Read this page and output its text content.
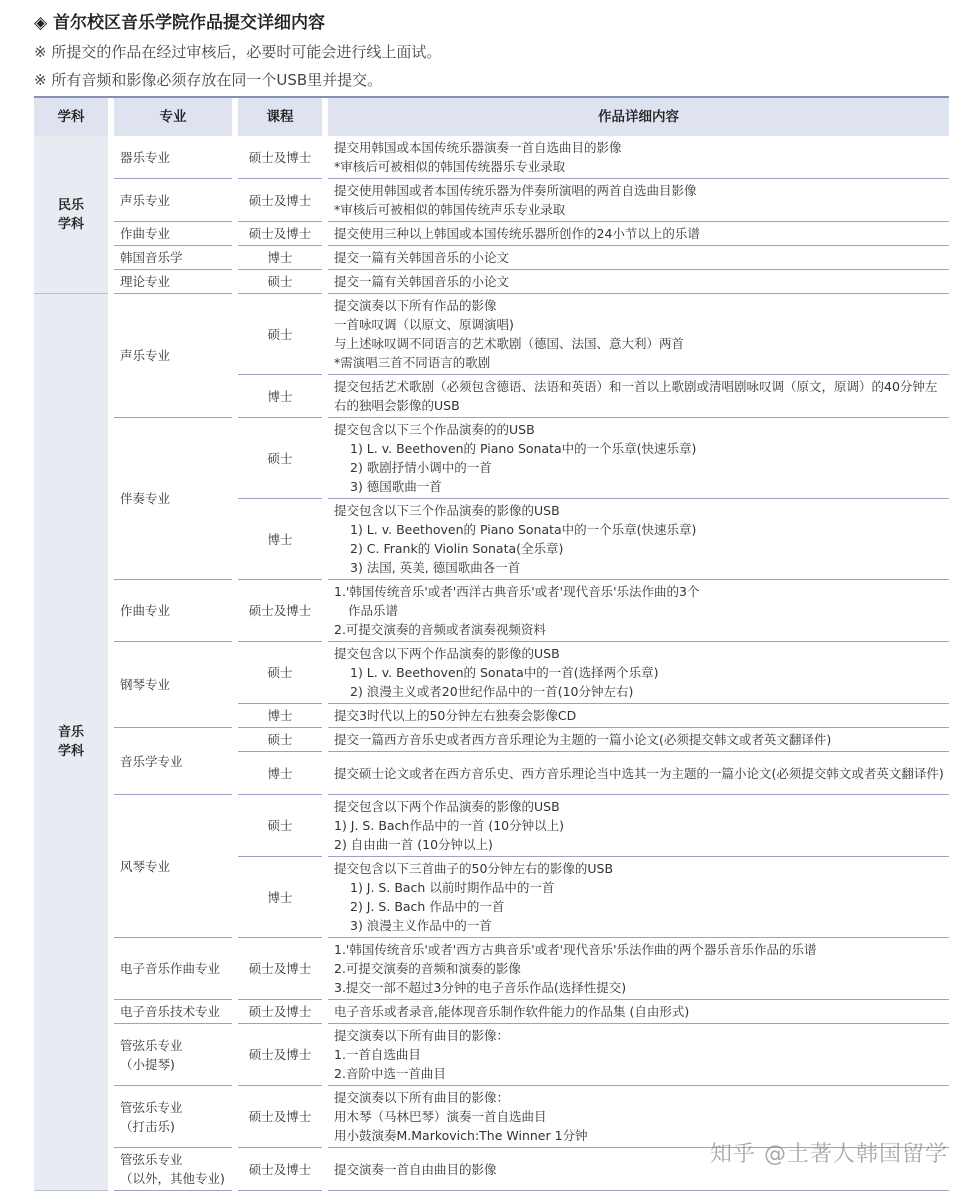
◈ 首尔校区音乐学院作品提交详细内容
※ 所提交的作品在经过审核后，必要时可能会进行线上面试。
※ 所有音频和影像必须存放在同一个USB里并提交。
学科		专业		课程		作品详细内容
民乐
学科		器乐专业		硕士及博士		提交用韩国或本国传统乐器演奏一首自选曲目的影像
*审核后可被相似的韩国传统器乐专业录取

		声乐专业		硕士及博士		提交使用韩国或者本国传统乐器为伴奏所演唱的两首自选曲目影像
*审核后可被相似的韩国传统声乐专业录取

		作曲专业		硕士及博士		提交使用三种以上韩国或本国传统乐器所创作的24小节以上的乐谱

		韩国音乐学		博士		提交一篇有关韩国音乐的小论文

		理论专业		硕士		提交一篇有关韩国音乐的小论文

音乐
学科		声乐专业		硕士		提交演奏以下所有作品的影像
一首咏叹调（以原文、原调演唱)
与上述咏叹调不同语言的艺术歌剧（德国、法国、意大利）两首
*需演唱三首不同语言的歌剧

				博士		提交包括艺术歌剧（必须包含德语、法语和英语）和一首以上歌剧或清唱剧咏叹调（原文，原调）的40分钟左右的独唱会影像的USB
		伴奏专业		硕士		提交包含以下三个作品演奏的的USB
1) L. v. Beethoven的 Piano Sonata中的一个乐章(快速乐章)
2) 歌剧抒情小调中的一首
3) 德国歌曲一首

				博士		提交包含以下三个作品演奏的影像的USB
1) L. v. Beethoven的 Piano Sonata中的一个乐章(快速乐章)
2) C. Frank的 Violin Sonata(全乐章)
3) 法国, 英美, 德国歌曲各一首

		作曲专业		硕士及博士		1.'韩国传统音乐'或者'西洋古典音乐'或者'现代音乐'乐法作曲的3个
作品乐谱
2.可提交演奏的音频或者演奏视频资料

		钢琴专业		硕士		提交包含以下两个作品演奏的影像的USB
1) L. v. Beethoven的 Sonata中的一首(选择两个乐章)
2) 浪漫主义或者20世纪作品中的一首(10分钟左右)

				博士		提交3时代以上的50分钟左右独奏会影像CD

		音乐学专业		硕士		提交一篇西方音乐史或者西方音乐理论为主题的一篇小论文(必须提交韩文或者英文翻译件)

				博士		提交硕士论文或者在西方音乐史、西方音乐理论当中选其一为主题的一篇小论文(必须提交韩文或者英文翻译件)
		风琴专业		硕士		提交包含以下两个作品演奏的影像的USB
1) J. S. Bach作品中的一首 (10分钟以上)
2) 自由曲一首 (10分钟以上)

				博士		提交包含以下三首曲子的50分钟左右的影像的USB
1) J. S. Bach 以前时期作品中的一首
2) J. S. Bach 作品中的一首
3) 浪漫主义作品中的一首

		电子音乐作曲专业		硕士及博士		1.'韩国传统音乐'或者'西方古典音乐'或者'现代音乐'乐法作曲的两个器乐音乐作品的乐谱
2.可提交演奏的音频和演奏的影像
3.提交一部不超过3分钟的电子音乐作品(选择性提交)

		电子音乐技术专业		硕士及博士		电子音乐或者录音,能体现音乐制作软件能力的作品集 (自由形式)

		管弦乐专业
（小提琴)		硕士及博士		提交演奏以下所有曲目的影像：
1.一首自选曲目
2.音阶中选一首曲目

		管弦乐专业
（打击乐)		硕士及博士		提交演奏以下所有曲目的影像：
用木琴（马林巴琴）演奏一首自选曲目
用小鼓演奏M.Markovich:The Winner 1分钟

		管弦乐专业
（以外，其他专业)		硕士及博士		提交演奏一首自由曲目的影像
知乎 @土著人韩国留学
